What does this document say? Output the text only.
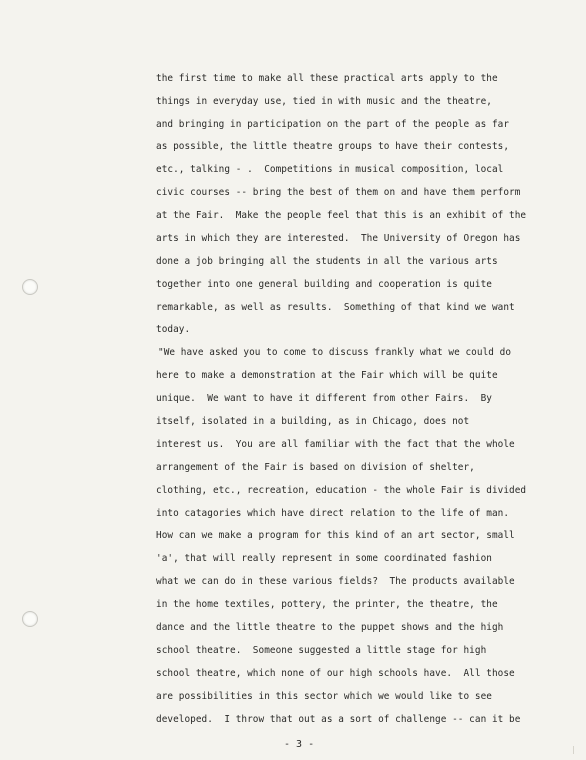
the first time to make all these practical arts apply to the
things in everyday use, tied in with music and the theatre,
and bringing in participation on the part of the people as far
as possible, the little theatre groups to have their contests,
etc., talking - .  Competitions in musical composition, local
civic courses -- bring the best of them on and have them perform
at the Fair.  Make the people feel that this is an exhibit of the
arts in which they are interested.  The University of Oregon has
done a job bringing all the students in all the various arts
together into one general building and cooperation is quite
remarkable, as well as results.  Something of that kind we want
today.
"We have asked you to come to discuss frankly what we could do
here to make a demonstration at the Fair which will be quite
unique.  We want to have it different from other Fairs.  By
itself, isolated in a building, as in Chicago, does not
interest us.  You are all familiar with the fact that the whole
arrangement of the Fair is based on division of shelter,
clothing, etc., recreation, education - the whole Fair is divided
into catagories which have direct relation to the life of man.
How can we make a program for this kind of an art sector, small
'a', that will really represent in some coordinated fashion
what we can do in these various fields?  The products available
in the home textiles, pottery, the printer, the theatre, the
dance and the little theatre to the puppet shows and the high
school theatre.  Someone suggested a little stage for high
school theatre, which none of our high schools have.  All those
are possibilities in this sector which we would like to see
developed.  I throw that out as a sort of challenge -- can it be
- 3 -
